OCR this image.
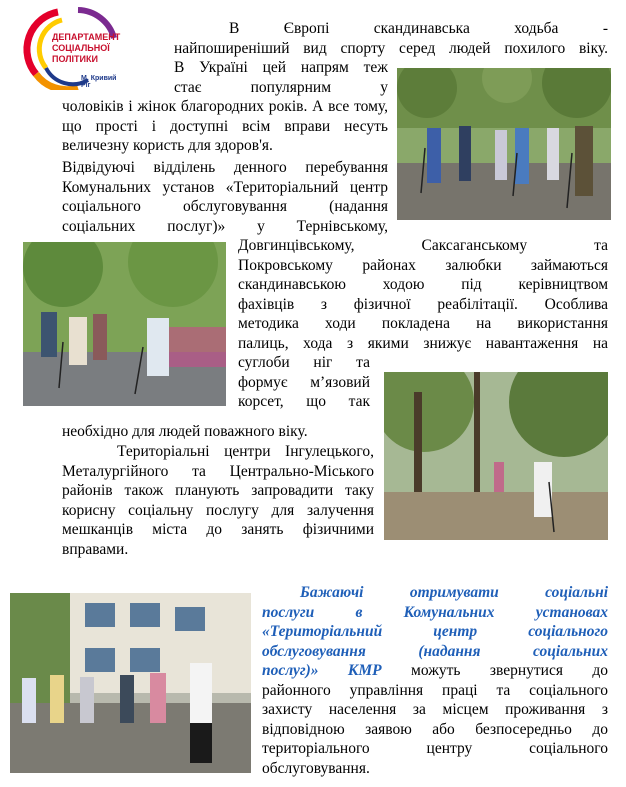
ДЕПАРТАМЕНТ
СОЦІАЛЬНОЇ
ПОЛІТИКИ
М. Кривий Ріг
В Європі скандинавська ходьба -
найпоширеніший вид спорту серед людей похилого віку.
В Україні цей напрям теж
стає популярним у
чоловіків і жінок благородних років. А все тому,
що прості і доступні всім вправи несуть
величезну користь для здоров'я.
Відвідуючі відділень денного перебування
Комунальних установ «Територіальний центр
соціального обслуговування (надання
соціальних послуг)» у Тернівському,
Довгинцівському, Саксаганському та
Покровському районах залюбки займаються
скандинавською ходою під керівництвом
фахівців з фізичної реабілітації. Особлива
методика ходи покладена на використання
палиць, хода з якими знижує навантаження на
суглоби ніг та
формує м’язовий
корсет, що так
необхідно для людей поважного віку.
Територіальні центри Інгулецького,
Металургійного та Центрально-Міського
районів також планують запровадити таку
корисну соціальну послугу для залучення
мешканців міста до занять фізичними
вправами.
Бажаючі отримувати соціальні
послуги в Комунальних установах
«Територіальний центр соціального
обслуговування (надання соціальних
послуг)» КМР можуть звернутися до
районного управління праці та соціального
захисту населення за місцем проживання з
відповідною заявою або безпосередньо до
територіального центру соціального
обслуговування.
